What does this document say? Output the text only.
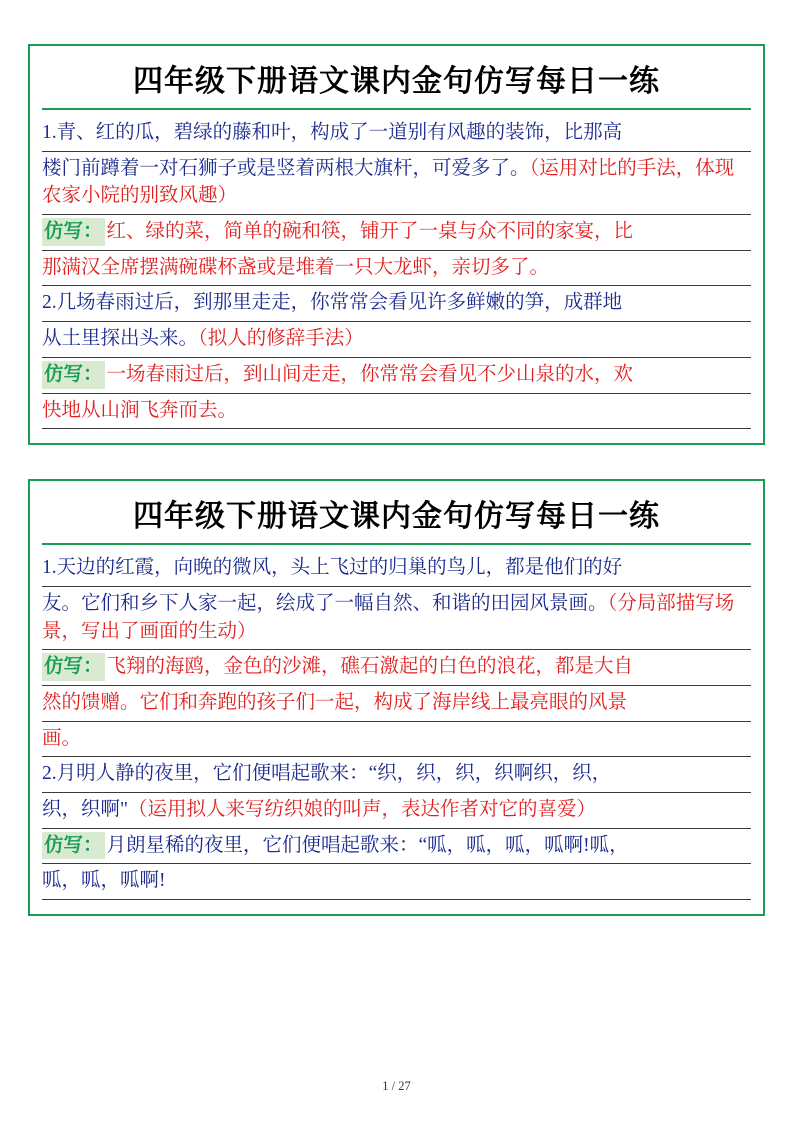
四年级下册语文课内金句仿写每日一练
1.青、红的瓜，碧绿的藤和叶，构成了一道别有风趣的装饰，比那高
楼门前蹲着一对石狮子或是竖着两根大旗杆，可爱多了。（运用对比的手法，体现农家小院的别致风趣）
仿写： 红、绿的菜，简单的碗和筷，铺开了一桌与众不同的家宴，比
那满汉全席摆满碗碟杯盏或是堆着一只大龙虾，亲切多了。
2.几场春雨过后，到那里走走，你常常会看见许多鲜嫩的笋，成群地
从土里探出头来。（拟人的修辞手法）
仿写： 一场春雨过后，到山间走走，你常常会看见不少山泉的水，欢
快地从山涧飞奔而去。
四年级下册语文课内金句仿写每日一练
1.天边的红霞，向晚的微风，头上飞过的归巢的鸟儿，都是他们的好
友。它们和乡下人家一起，绘成了一幅自然、和谐的田园风景画。（分局部描写场景，写出了画面的生动）
仿写： 飞翔的海鸥，金色的沙滩，礁石激起的白色的浪花，都是大自
然的馈赠。它们和奔跑的孩子们一起，构成了海岸线上最亮眼的风景
画。
2.月明人静的夜里，它们便唱起歌来：“织，织，织，织啊织，织，
织，织啊"（运用拟人来写纺织娘的叫声，表达作者对它的喜爱）
仿写： 月朗星稀的夜里，它们便唱起歌来：“呱，呱，呱，呱啊!呱，
呱，呱，呱啊!
1 / 27
